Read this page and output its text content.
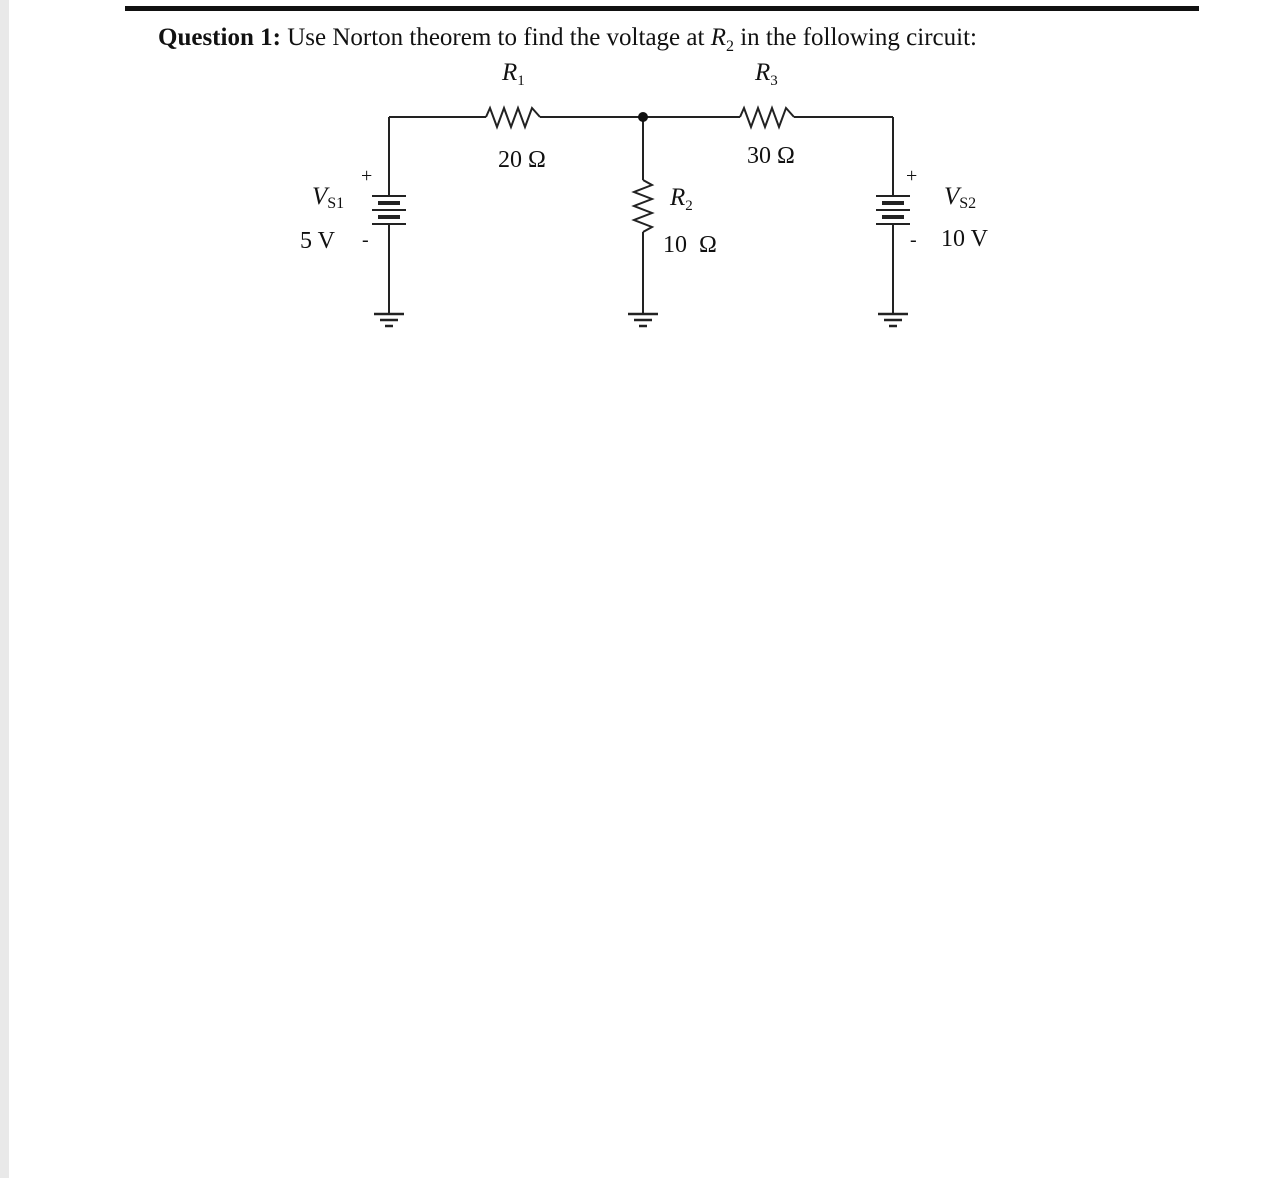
Question 1: Use Norton theorem to find the voltage at $R_2$ in the following circuit:
$R_1$
20 Ω
$R_3$
30 Ω
$R_2$
10  Ω
VS1
5 V
+
-
VS2
10 V
+
-
